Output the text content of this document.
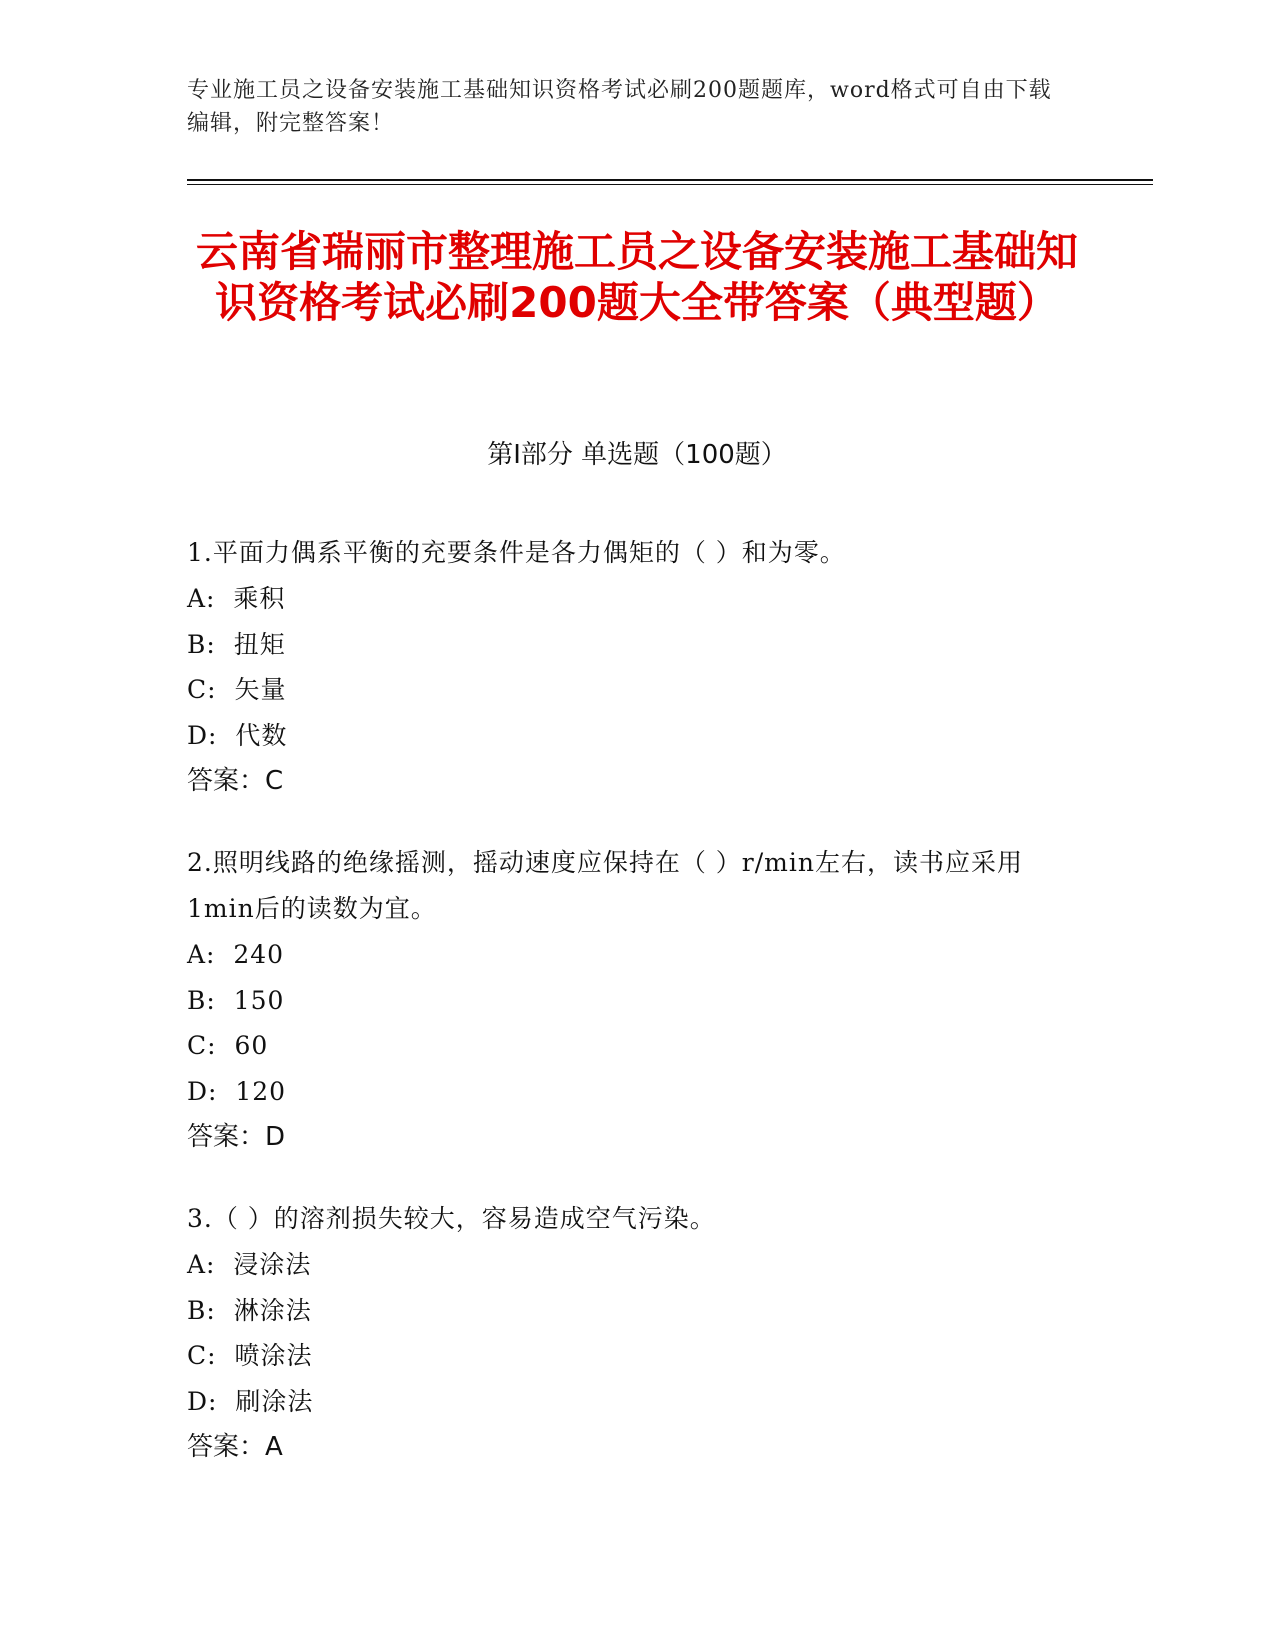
专业施工员之设备安装施工基础知识资格考试必刷200题题库，word格式可自由下载编辑，附完整答案！
云南省瑞丽市整理施工员之设备安装施工基础知识资格考试必刷200题大全带答案（典型题）
第Ⅰ部分 单选题（100题）
1.平面力偶系平衡的充要条件是各力偶矩的（ ）和为零。
A:  乘积
B:  扭矩
C:  矢量
D:  代数
答案：C
2.照明线路的绝缘摇测，摇动速度应保持在（ ）r/min左右，读书应采用1min后的读数为宜。
A:  240
B:  150
C:  60
D:  120
答案：D
3.（ ）的溶剂损失较大，容易造成空气污染。
A:  浸涂法
B:  淋涂法
C:  喷涂法
D:  刷涂法
答案：A
